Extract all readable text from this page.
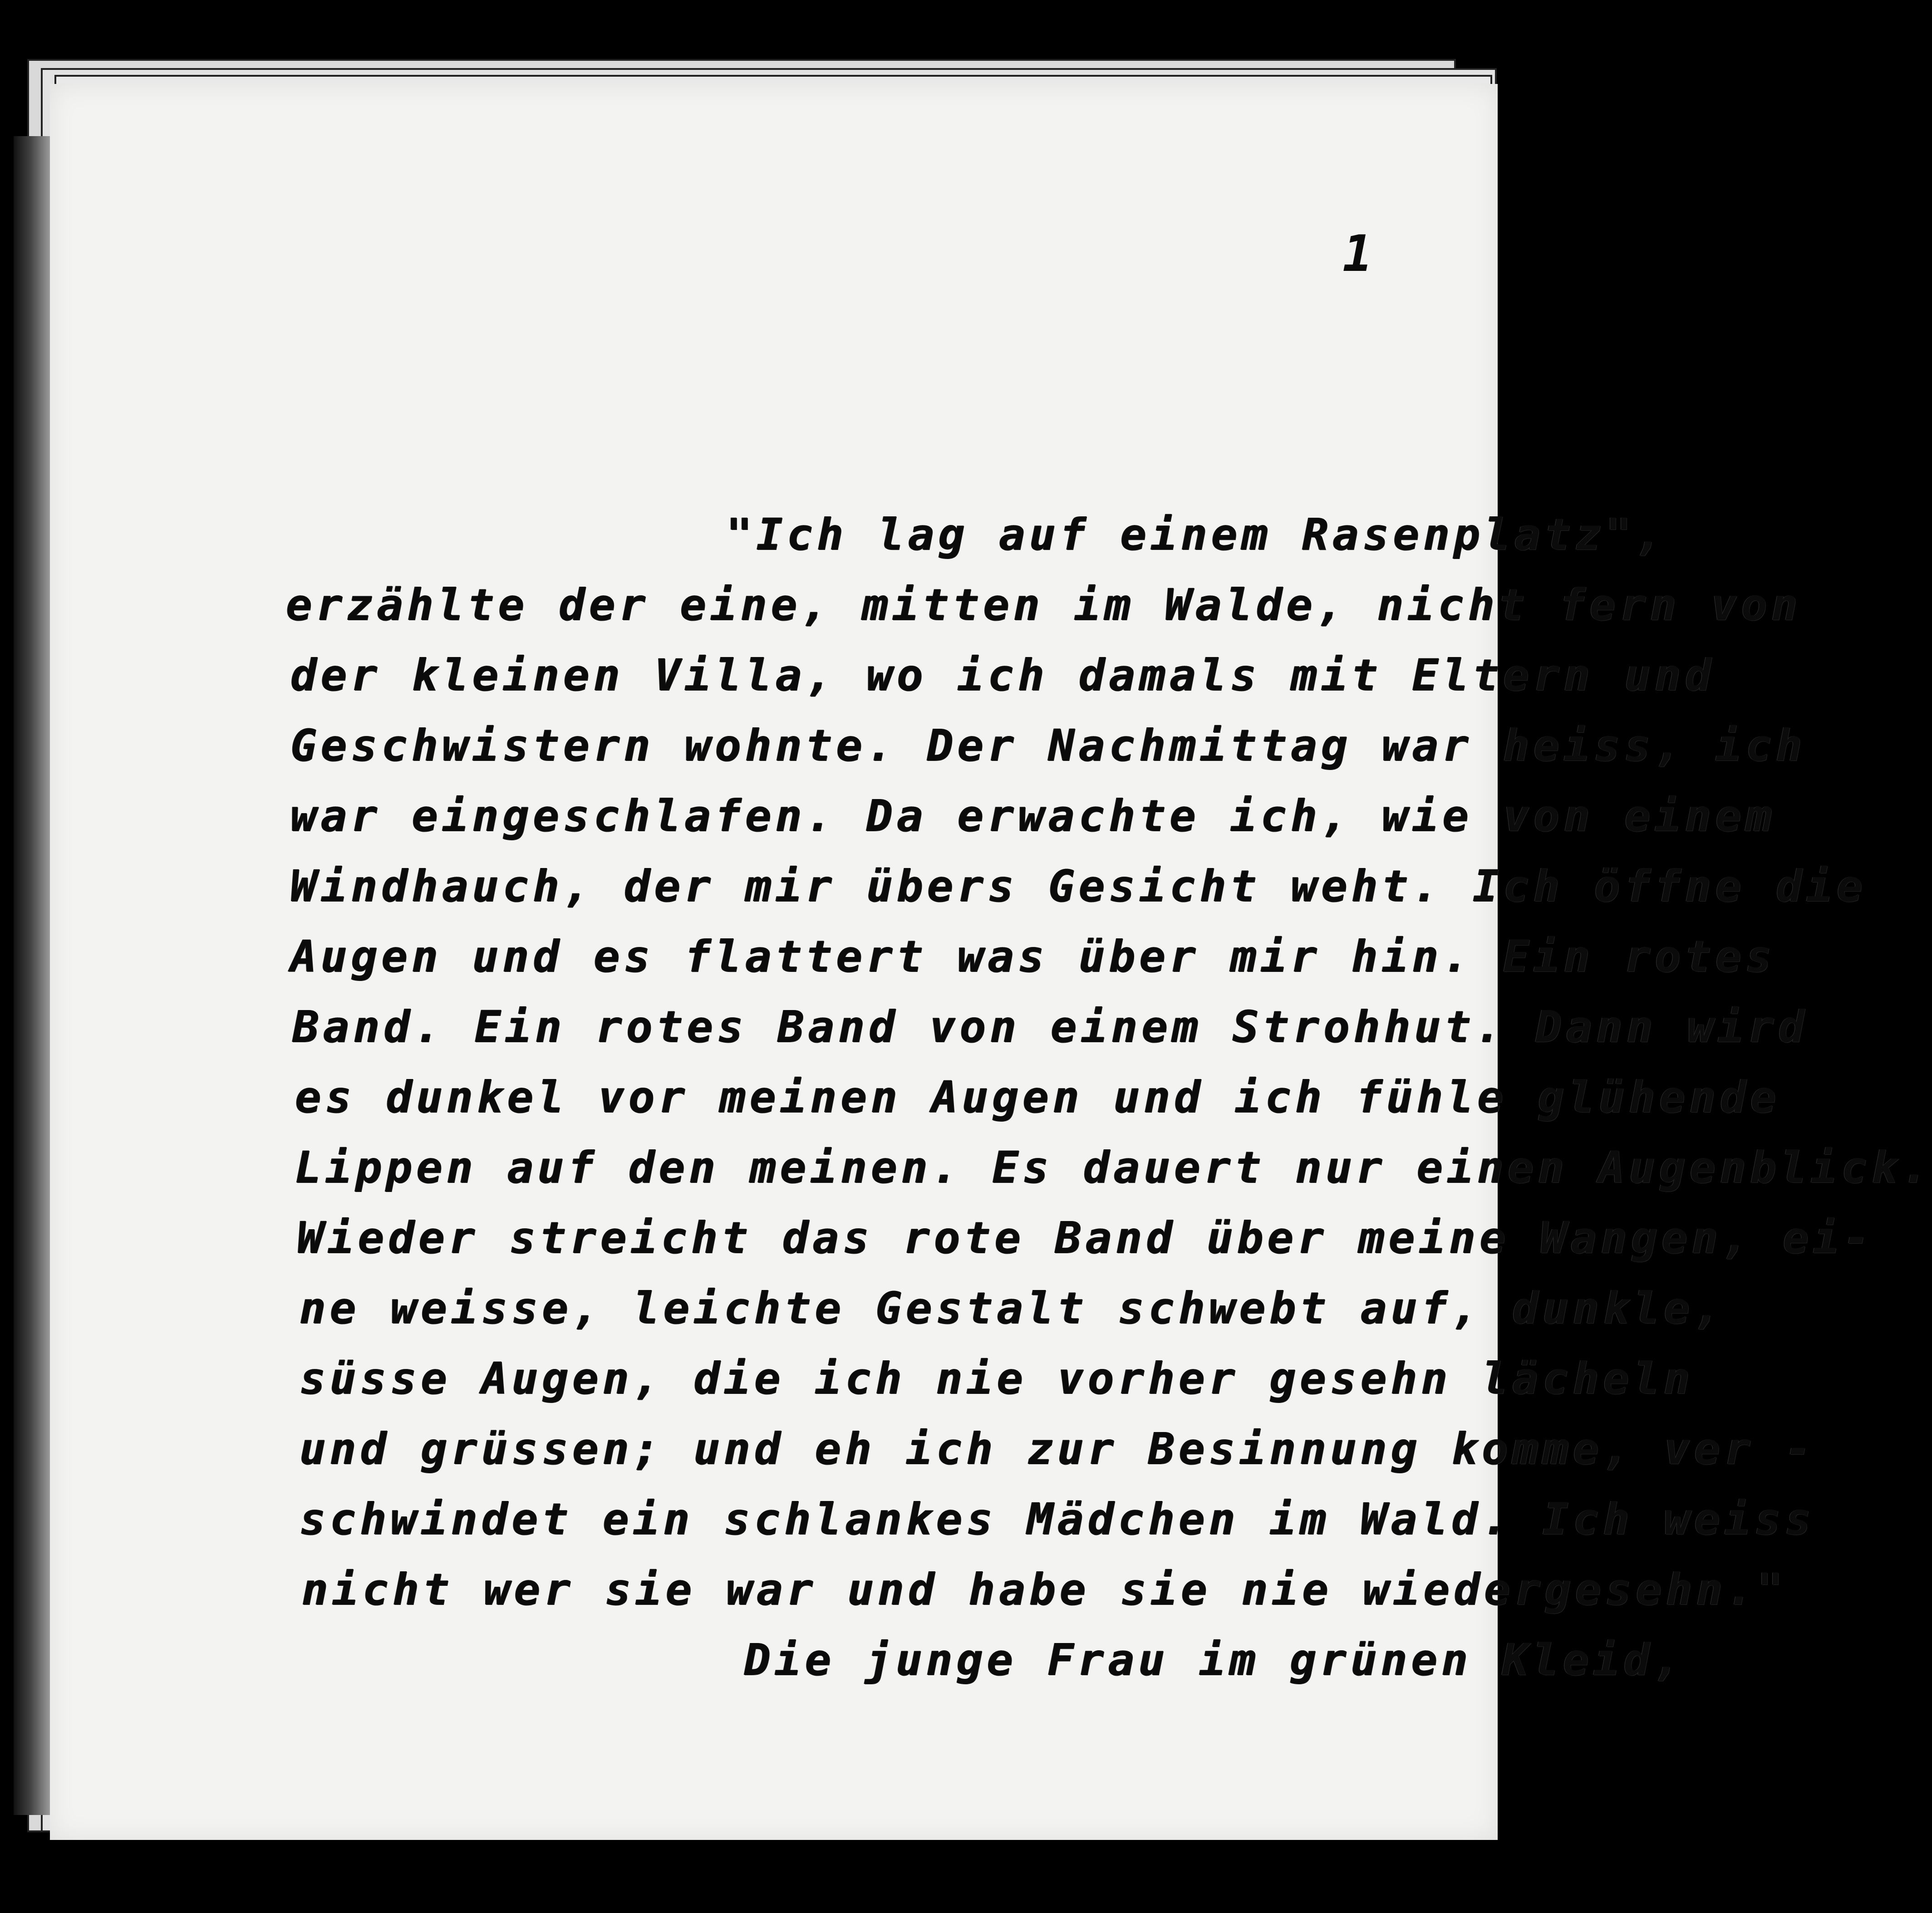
1
"Ich lag auf einem Rasenplatz",
erzählte der eine, mitten im Walde, nicht fern von
der kleinen Villa, wo ich damals mit Eltern und
Geschwistern wohnte. Der Nachmittag war heiss, ich
war eingeschlafen. Da erwachte ich, wie von einem
Windhauch, der mir übers Gesicht weht. Ich öffne die
Augen und es flattert was über mir hin. Ein rotes
Band. Ein rotes Band von einem Strohhut. Dann wird
es dunkel vor meinen Augen und ich fühle glühende
Lippen auf den meinen. Es dauert nur einen Augenblick.
Wieder streicht das rote Band über meine Wangen, ei-
ne weisse, leichte Gestalt schwebt auf, dunkle,
süsse Augen, die ich nie vorher gesehn lächeln
und grüssen; und eh ich zur Besinnung komme, ver -
schwindet ein schlankes Mädchen im Wald. Ich weiss
nicht wer sie war und habe sie nie wiedergesehn."
Die junge Frau im grünen Kleid,
